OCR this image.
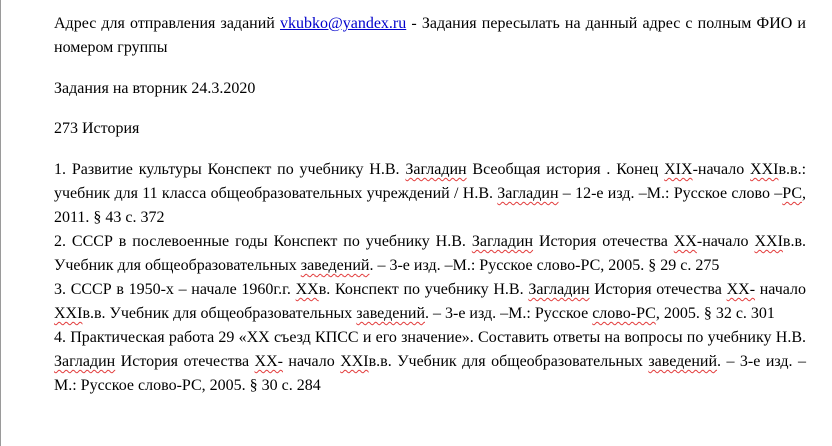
Адрес для отправления заданий vkubko@yandex.ru - Задания пересылать на данный адрес с полным ФИО и номером группы

Задания на вторник 24.3.2020

273 История

1. Развитие культуры Конспект по учебнику Н.В. Загладин Всеобщая история . Конец XIX-начало XXIв.в.: учебник для 11 класса общеобразовательных учреждений / Н.В. Загладин – 12-е изд. –М.: Русское слово –РС, 2011. § 43 с. 372

2. СССР в послевоенные годы Конспект по учебнику Н.В. Загладин История отечества XX-начало XXIв.в. Учебник для общеобразовательных заведений. – 3-е изд. –М.: Русское слово-РС, 2005. § 29 с. 275

3. СССР в 1950-х – начале 1960г.г. XXв. Конспект по учебнику Н.В. Загладин История отечества XX- начало XXIв.в. Учебник для общеобразовательных заведений. – 3-е изд. –М.: Русское слово-РС, 2005. § 32 с. 301

4. Практическая работа 29 «XX съезд КПСС и его значение». Составить ответы на вопросы по учебнику Н.В. Загладин История отечества XX- начало XXIв.в. Учебник для общеобразовательных заведений. – 3-е изд. –М.: Русское слово-РС, 2005. § 30 с. 284
